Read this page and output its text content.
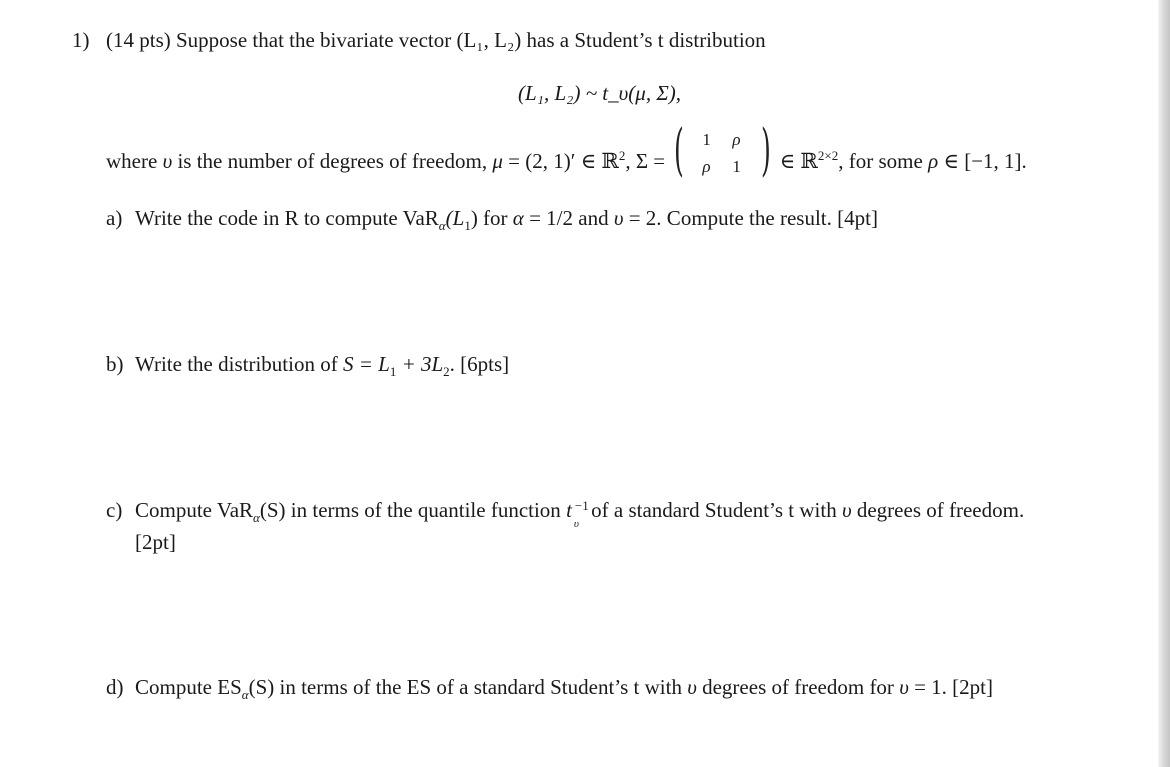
1) (14 pts) Suppose that the bivariate vector (L₁, L₂) has a Student’s t distribution
(L₁, L₂) ~ t_υ(μ, Σ),
where υ is the number of degrees of freedom, μ = (2, 1)′ ∈ ℝ$^2$, Σ = ( 1 ρ
ρ 1 ) ∈ ℝ$^{2\times 2}$, for some ρ ∈ [−1, 1].
a) Write the code in R to compute $VaR_\alpha(L_1)$ for α = 1/2 and υ = 2. Compute the result. [4pt]
b) Write the distribution of $S = L_1 + 3L_2$. [6pts]
c) Compute VaR$_\alpha$(S) in terms of the quantile function t −1
υ
of a standard Student’s t with υ degrees of freedom.
[2pt]
d) Compute $ES_\alpha(S)$ in terms of the ES of a standard Student’s t with υ degrees of freedom for υ = 1. [2pt]
